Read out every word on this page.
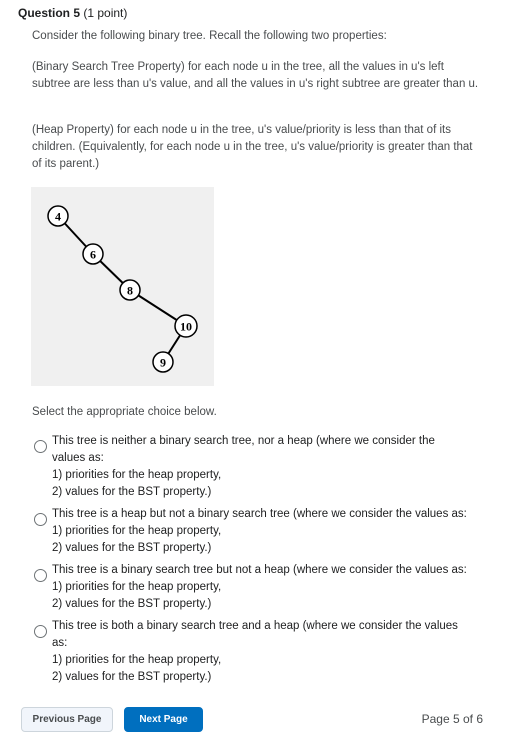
Question 5 (1 point)
Consider the following binary tree. Recall the following two properties:
(Binary Search Tree Property) for each node u in the tree, all the values in u's left subtree are less than u's value, and all the values in u's right subtree are greater than u.
(Heap Property) for each node u in the tree, u's value/priority is less than that of its children. (Equivalently, for each node u in the tree, u's value/priority is greater than that of its parent.)
4
6
8
10
9
Select the appropriate choice below.
This tree is neither a binary search tree, nor a heap (where we consider the
values as:
1) priorities for the heap property,
2) values for the BST property.)
This tree is a heap but not a binary search tree (where we consider the values as:
1) priorities for the heap property,
2) values for the BST property.)
This tree is a binary search tree but not a heap (where we consider the values as:
1) priorities for the heap property,
2) values for the BST property.)
This tree is both a binary search tree and a heap (where we consider the values
as:
1) priorities for the heap property,
2) values for the BST property.)
Previous Page	Next Page	Page 5 of 6
